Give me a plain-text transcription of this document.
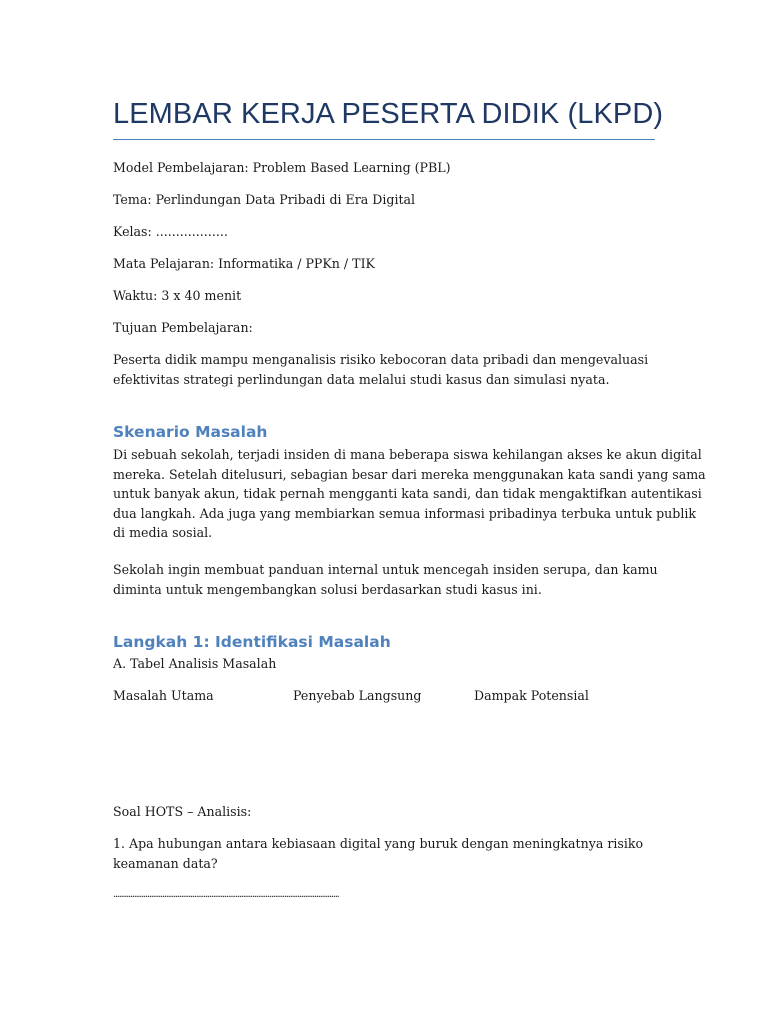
LEMBAR KERJA PESERTA DIDIK (LKPD)

Model Pembelajaran: Problem Based Learning (PBL)

Tema: Perlindungan Data Pribadi di Era Digital

Kelas: ..................

Mata Pelajaran: Informatika / PPKn / TIK

Waktu: 3 x 40 menit

Tujuan Pembelajaran:

Peserta didik mampu menganalisis risiko kebocoran data pribadi dan mengevaluasi
efektivitas strategi perlindungan data melalui studi kasus dan simulasi nyata.
Skenario Masalah
Di sebuah sekolah, terjadi insiden di mana beberapa siswa kehilangan akses ke akun digital
mereka. Setelah ditelusuri, sebagian besar dari mereka menggunakan kata sandi yang sama
untuk banyak akun, tidak pernah mengganti kata sandi, dan tidak mengaktifkan autentikasi
dua langkah. Ada juga yang membiarkan semua informasi pribadinya terbuka untuk publik
di media sosial.
Sekolah ingin membuat panduan internal untuk mencegah insiden serupa, dan kamu
diminta untuk mengembangkan solusi berdasarkan studi kasus ini.
Langkah 1: Identifikasi Masalah

A. Tabel Analisis Masalah

Masalah Utama	Penyebab Langsung	Dampak Potensial

Soal HOTS – Analisis:

1. Apa hubungan antara kebiasaan digital yang buruk dengan meningkatnya risiko
keamanan data?
........................................................................................................................
